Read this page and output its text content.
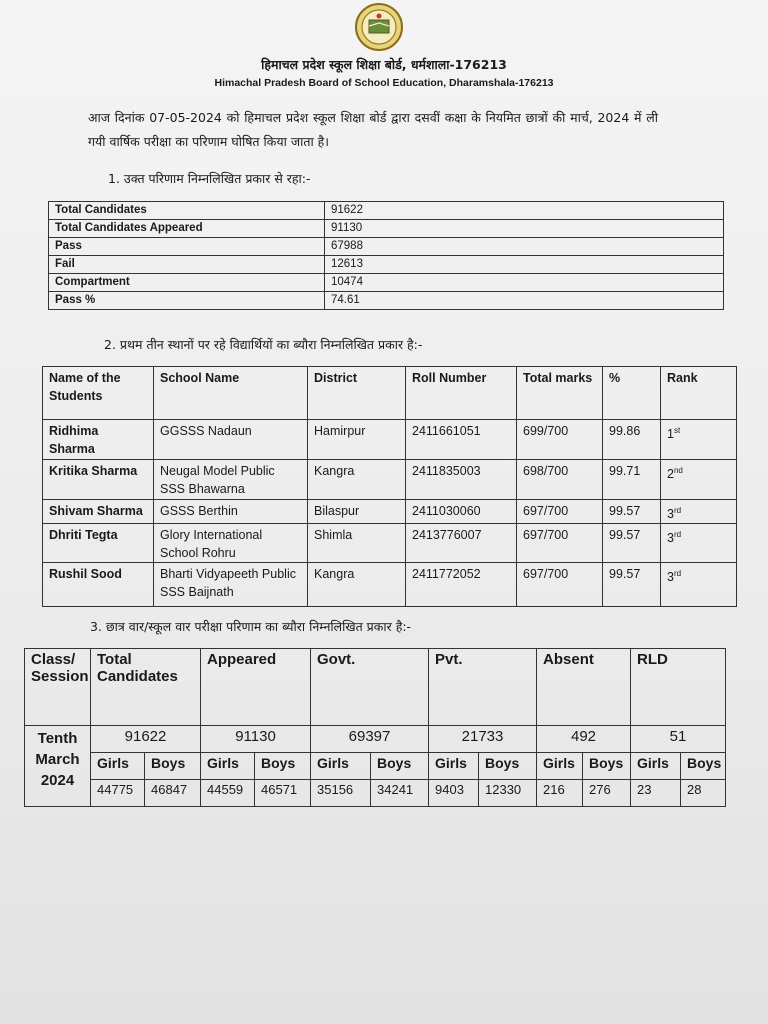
हिमाचल प्रदेश स्कूल शिक्षा बोर्ड, धर्मशाला-176213
Himachal Pradesh Board of School Education, Dharamshala-176213
आज दिनांक 07-05-2024 को हिमाचल प्रदेश स्कूल शिक्षा बोर्ड द्वारा दसवीं कक्षा के नियमित छात्रों की मार्च, 2024 में ली गयी वार्षिक परीक्षा का परिणाम घोषित किया जाता है।
1. उक्त परिणाम निम्नलिखित प्रकार से रहा:-
Total Candidates	91622
Total Candidates Appeared	91130
Pass	67988
Fail	12613
Compartment	10474
Pass %	74.61
2. प्रथम तीन स्थानों पर रहे विद्यार्थियों का ब्यौरा निम्नलिखित प्रकार है:-
Name of the Students	School Name	District	Roll Number	Total marks	%	Rank
Ridhima Sharma	GGSSS Nadaun	Hamirpur	2411661051	699/700	99.86	1st
Kritika Sharma	Neugal Model Public SSS Bhawarna	Kangra	2411835003	698/700	99.71	2nd
Shivam Sharma	GSSS Berthin	Bilaspur	2411030060	697/700	99.57	3rd
Dhriti Tegta	Glory International School Rohru	Shimla	2413776007	697/700	99.57	3rd
Rushil Sood	Bharti Vidyapeeth Public SSS Baijnath	Kangra	2411772052	697/700	99.57	3rd
3. छात्र वार/स्कूल वार परीक्षा परिणाम का ब्यौरा निम्नलिखित प्रकार है:-
Class/ Session	Total Candidates		Appeared		Govt.		Pvt.		Absent		RLD	
Tenth March 2024	91622		91130		69397		21733		492		51	
	Girls	Boys	Girls	Boys	Girls	Boys	Girls	Boys	Girls	Boys	Girls	Boys
	44775	46847	44559	46571	35156	34241	9403	12330	216	276	23	28
